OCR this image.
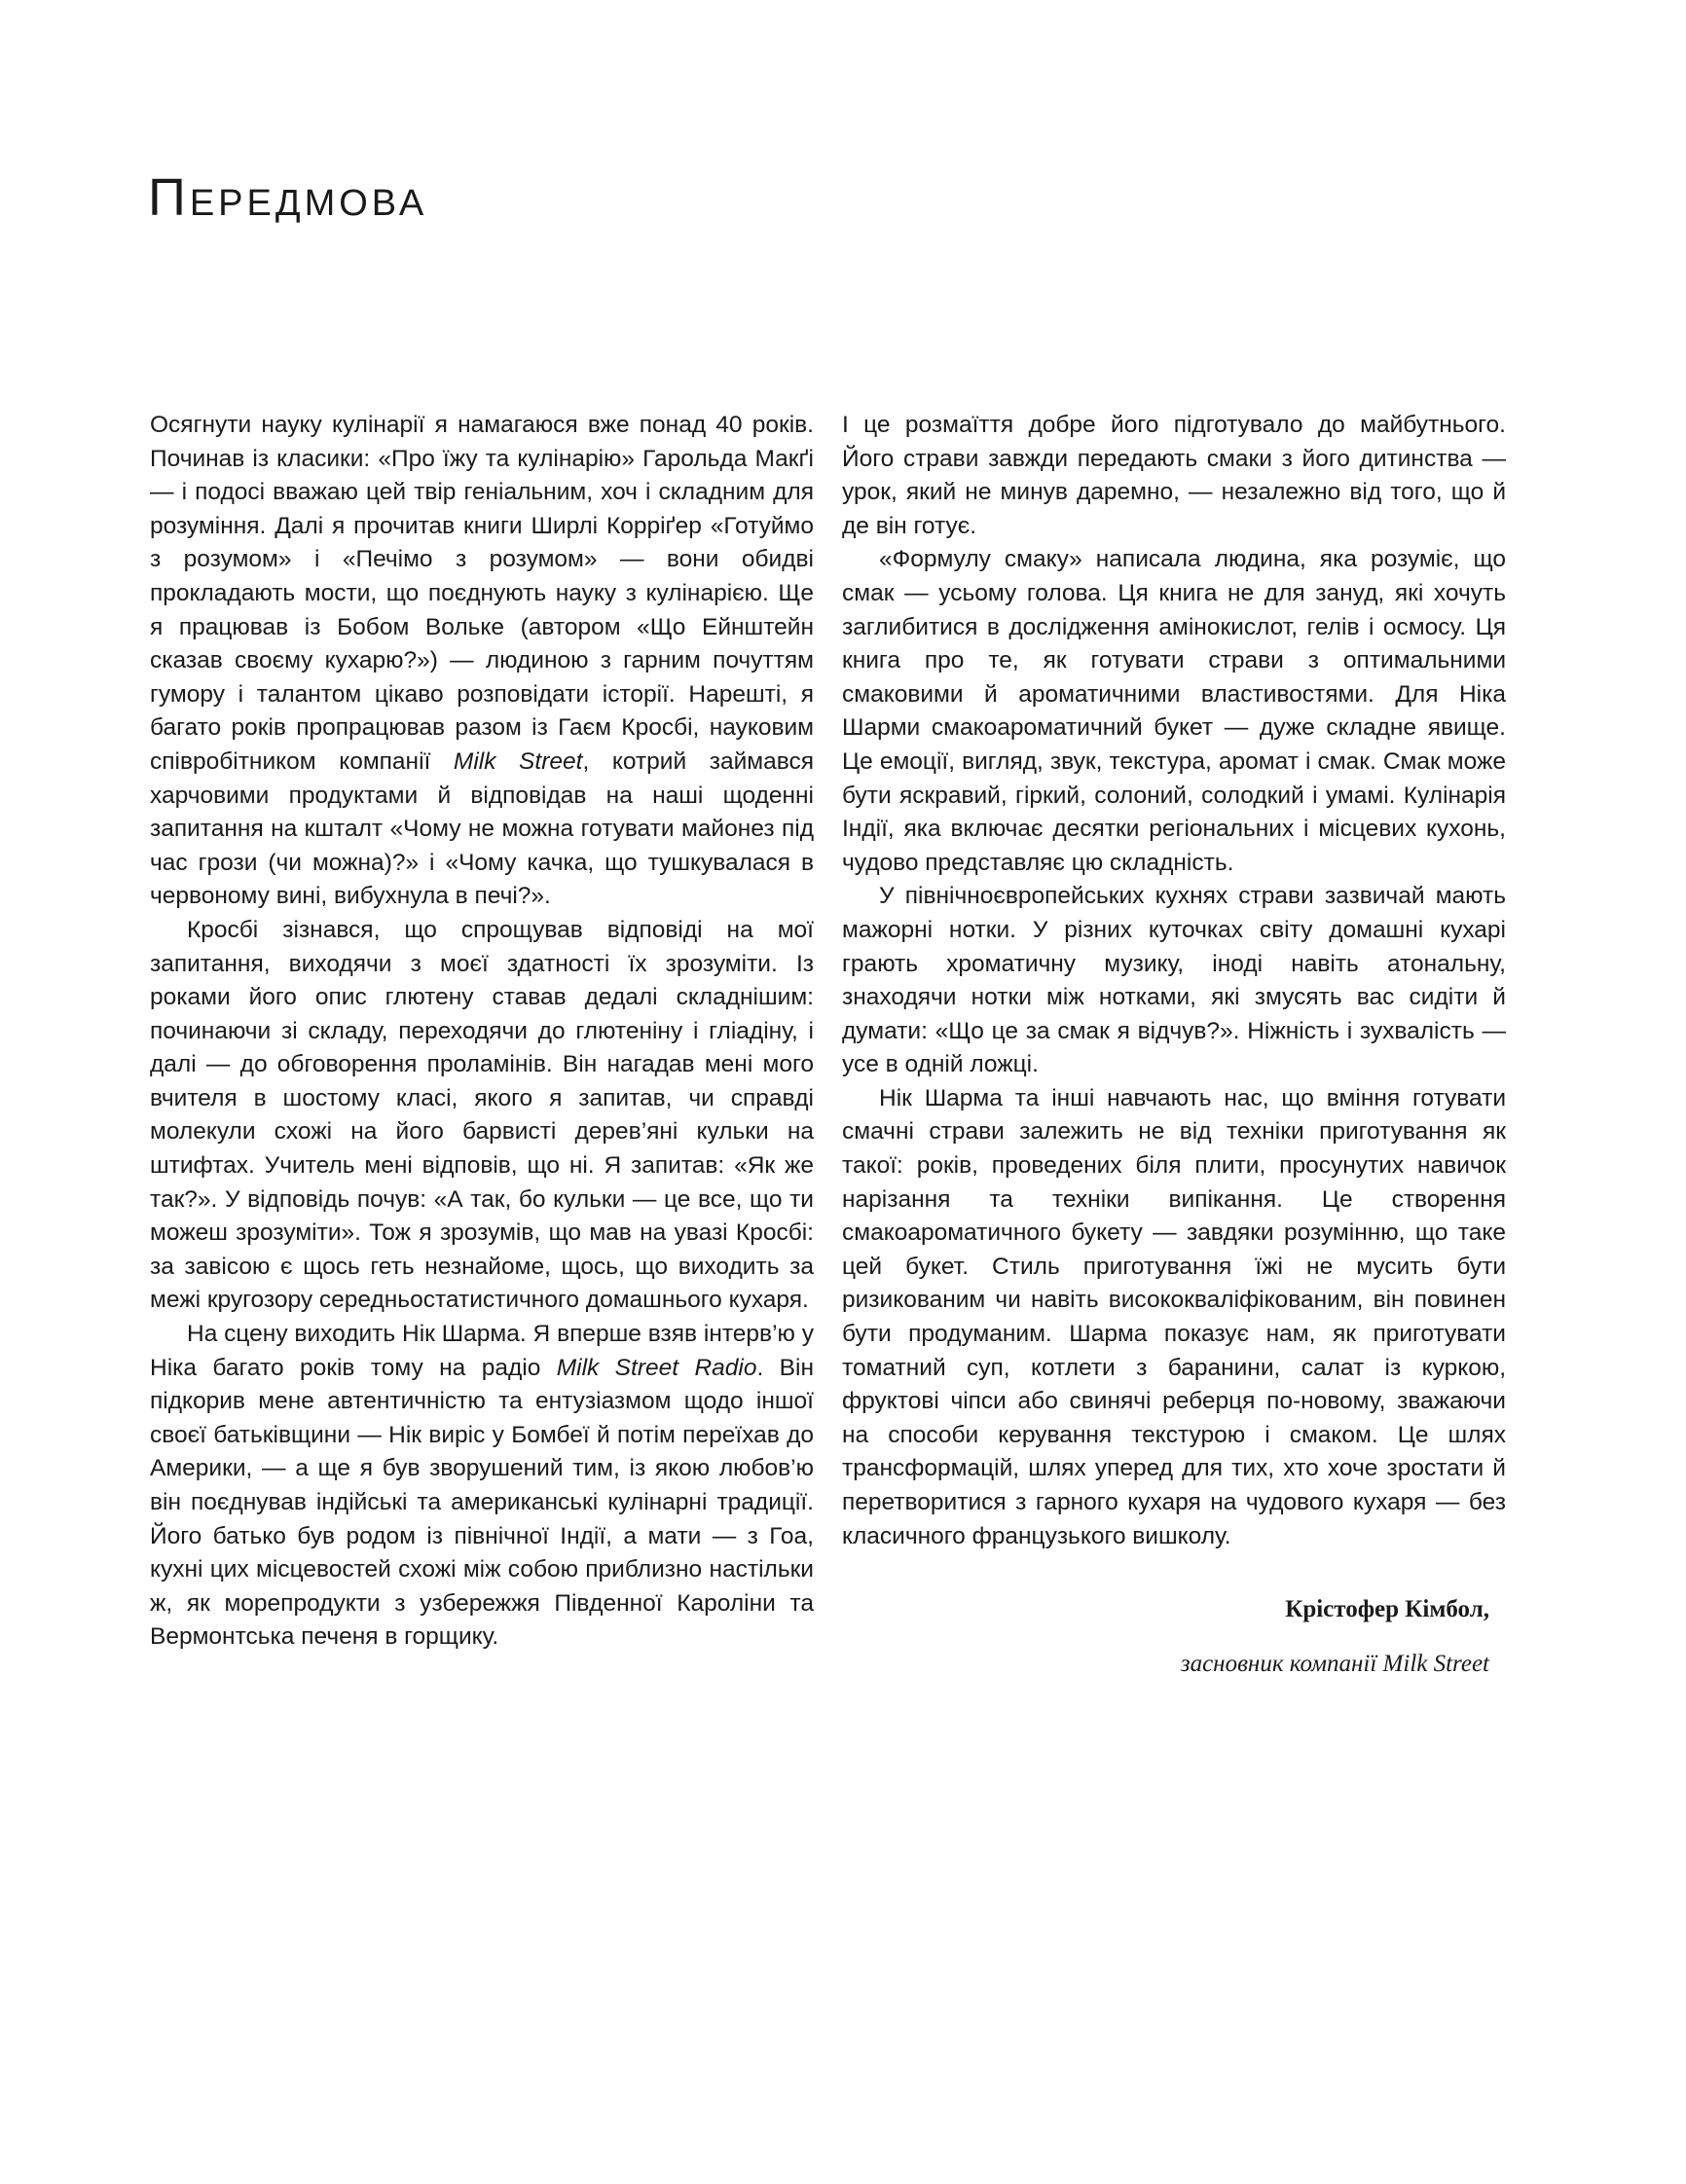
Передмова

Осягнути науку кулінарії я намагаюся вже понад 40 років. Починав із класики: «Про їжу та кулінарію» Гарольда Макґі — і подосі вважаю цей твір геніальним, хоч і складним для розуміння. Далі я прочитав книги Ширлі Корріґер «Готуймо з розумом» і «Печімо з розумом» — вони обидві прокладають мости, що поєднують науку з кулінарією. Ще я працював із Бобом Вольке (автором «Що Ейнштейн сказав своєму кухарю?») — людиною з гарним почуттям гумору і талантом цікаво розповідати історії. Нарешті, я багато років пропрацював разом із Гаєм Кросбі, науковим співробітником компанії Milk Street, котрий займався харчовими продуктами й відповідав на наші щоденні запитання на кшталт «Чому не можна готувати майонез під час грози (чи можна)?» і «Чому качка, що тушкувалася в червоному вині, вибухнула в печі?».

Кросбі зізнався, що спрощував відповіді на мої запитання, виходячи з моєї здатності їх зрозуміти. Із роками його опис глютену ставав дедалі складнішим: починаючи зі складу, переходячи до глютеніну і гліадіну, і далі — до обговорення проламінів. Він нагадав мені мого вчителя в шостому класі, якого я запитав, чи справді молекули схожі на його барвисті дерев’яні кульки на штифтах. Учитель мені відповів, що ні. Я запитав: «Як же так?». У відповідь почув: «А так, бо кульки — це все, що ти можеш зрозуміти». Тож я зрозумів, що мав на увазі Кросбі: за завісою є щось геть незнайоме, щось, що виходить за межі кругозору середньостатистичного домашнього кухаря.

На сцену виходить Нік Шарма. Я вперше взяв інтерв’ю у Ніка багато років тому на радіо Milk Street Radio. Він підкорив мене автентичністю та ентузіазмом щодо іншої своєї батьківщини — Нік виріс у Бомбеї й потім переїхав до Америки, — а ще я був зворушений тим, із якою любов’ю він поєднував індійські та американські кулінарні традиції. Його батько був родом із північної Індії, а мати — з Гоа, кухні цих місцевостей схожі між собою приблизно настільки ж, як морепродукти з узбережжя Південної Кароліни та Вермонтська печеня в горщику.

І це розмаїття добре його підготувало до майбутнього. Його страви завжди передають смаки з його дитинства — урок, який не минув даремно, — незалежно від того, що й де він готує.

«Формулу смаку» написала людина, яка розуміє, що смак — усьому голова. Ця книга не для зануд, які хочуть заглибитися в дослідження амінокислот, гелів і осмосу. Ця книга про те, як готувати страви з оптимальними смаковими й ароматичними властивостями. Для Ніка Шарми смакоароматичний букет — дуже складне явище. Це емоції, вигляд, звук, текстура, аромат і смак. Смак може бути яскравий, гіркий, солоний, солодкий і умамі. Кулінарія Індії, яка включає десятки регіональних і місцевих кухонь, чудово представляє цю складність.

У північноєвропейських кухнях страви зазвичай мають мажорні нотки. У різних куточках світу домашні кухарі грають хроматичну музику, іноді навіть атональну, знаходячи нотки між нотками, які змусять вас сидіти й думати: «Що це за смак я відчув?». Ніжність і зухвалість — усе в одній ложці.

Нік Шарма та інші навчають нас, що вміння готувати смачні страви залежить не від техніки приготування як такої: років, проведених біля плити, просунутих навичок нарізання та техніки випікання. Це створення смакоароматичного букету — завдяки розумінню, що таке цей букет. Стиль приготування їжі не мусить бути ризикованим чи навіть висококваліфікованим, він повинен бути продуманим. Шарма показує нам, як приготувати томатний суп, котлети з баранини, салат із куркою, фруктові чіпси або свинячі реберця по-новому, зважаючи на способи керування текстурою і смаком. Це шлях трансформацій, шлях уперед для тих, хто хоче зростати й перетворитися з гарного кухаря на чудового кухаря — без класичного французького вишколу.

Крістофер Кімбол,
засновник компанії Milk Street
